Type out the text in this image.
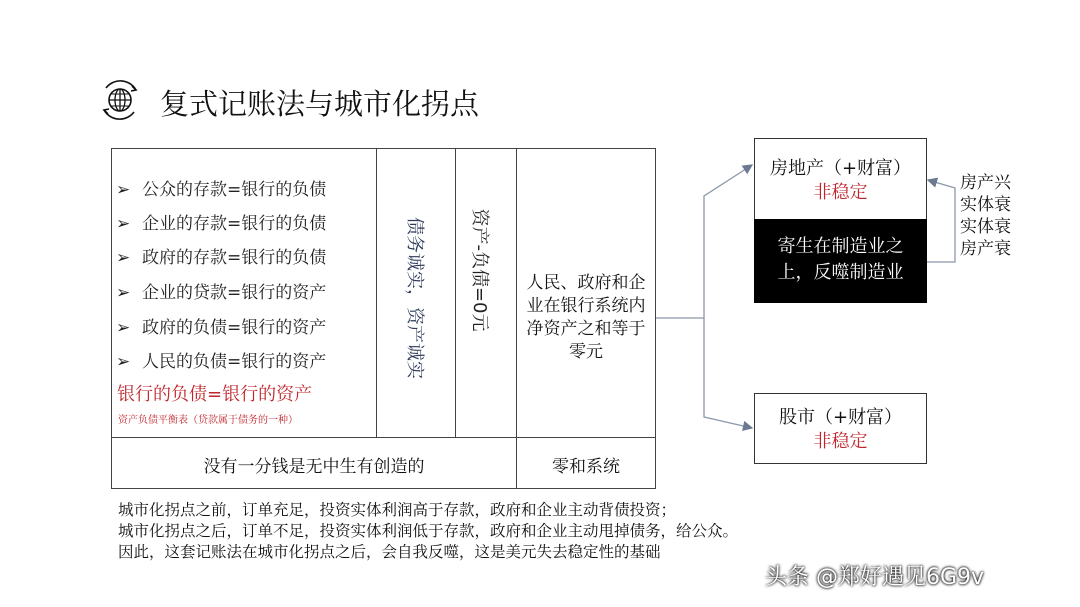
复式记账法与城市化拐点
➢ 公众的存款=银行的负债
➢ 企业的存款=银行的负债
➢ 政府的存款=银行的负债
➢ 企业的贷款=银行的资产
➢ 政府的负债=银行的资产
➢ 人民的负债=银行的资产
银行的负债=银行的资产
资产负债平衡表（贷款属于债务的一种）
债务诚实，资产诚实 资产-负债=0元 人民、政府和企业在银行系统内净资产之和等于零元
没有一分钱是无中生有创造的	零和系统
房地产（+财富）
非稳定
寄生在制造业之上，反噬制造业
股市（+财富）
非稳定
房产兴
实体衰
实体衰
房产衰
城市化拐点之前，订单充足，投资实体利润高于存款，政府和企业主动背债投资；
城市化拐点之后，订单不足，投资实体利润低于存款，政府和企业主动甩掉债务，给公众。
因此，这套记账法在城市化拐点之后，会自我反噬，这是美元失去稳定性的基础
头条 @郑好遇见6G9v
